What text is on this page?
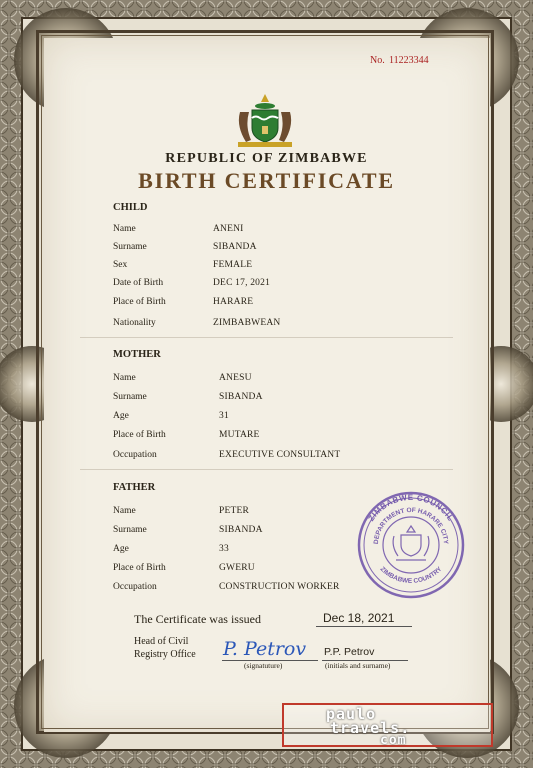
No. 11223344
REPUBLIC OF ZIMBABWE
BIRTH CERTIFICATE
CHILD
Name	ANENI
Surname	SIBANDA
Sex	FEMALE
Date of Birth	DEC 17, 2021
Place of Birth	HARARE
Nationality	ZIMBABWEAN
MOTHER
Name	ANESU
Surname	SIBANDA
Age	31
Place of Birth	MUTARE
Occupation	EXECUTIVE CONSULTANT
FATHER
Name	PETER
Surname	SIBANDA
Age	33
Place of Birth	GWERU
Occupation	CONSTRUCTION WORKER
ZIMBABWE COUNCIL
DEPARTMENT OF HARARE CITY
ZIMBABWE COUNTRY
The Certificate was issued	Dec 18, 2021
Head of Civil
Registry Office P. Petrov
(signatuture)
P.P. Petrov
(initials and surname)
paulo
travels.
com
